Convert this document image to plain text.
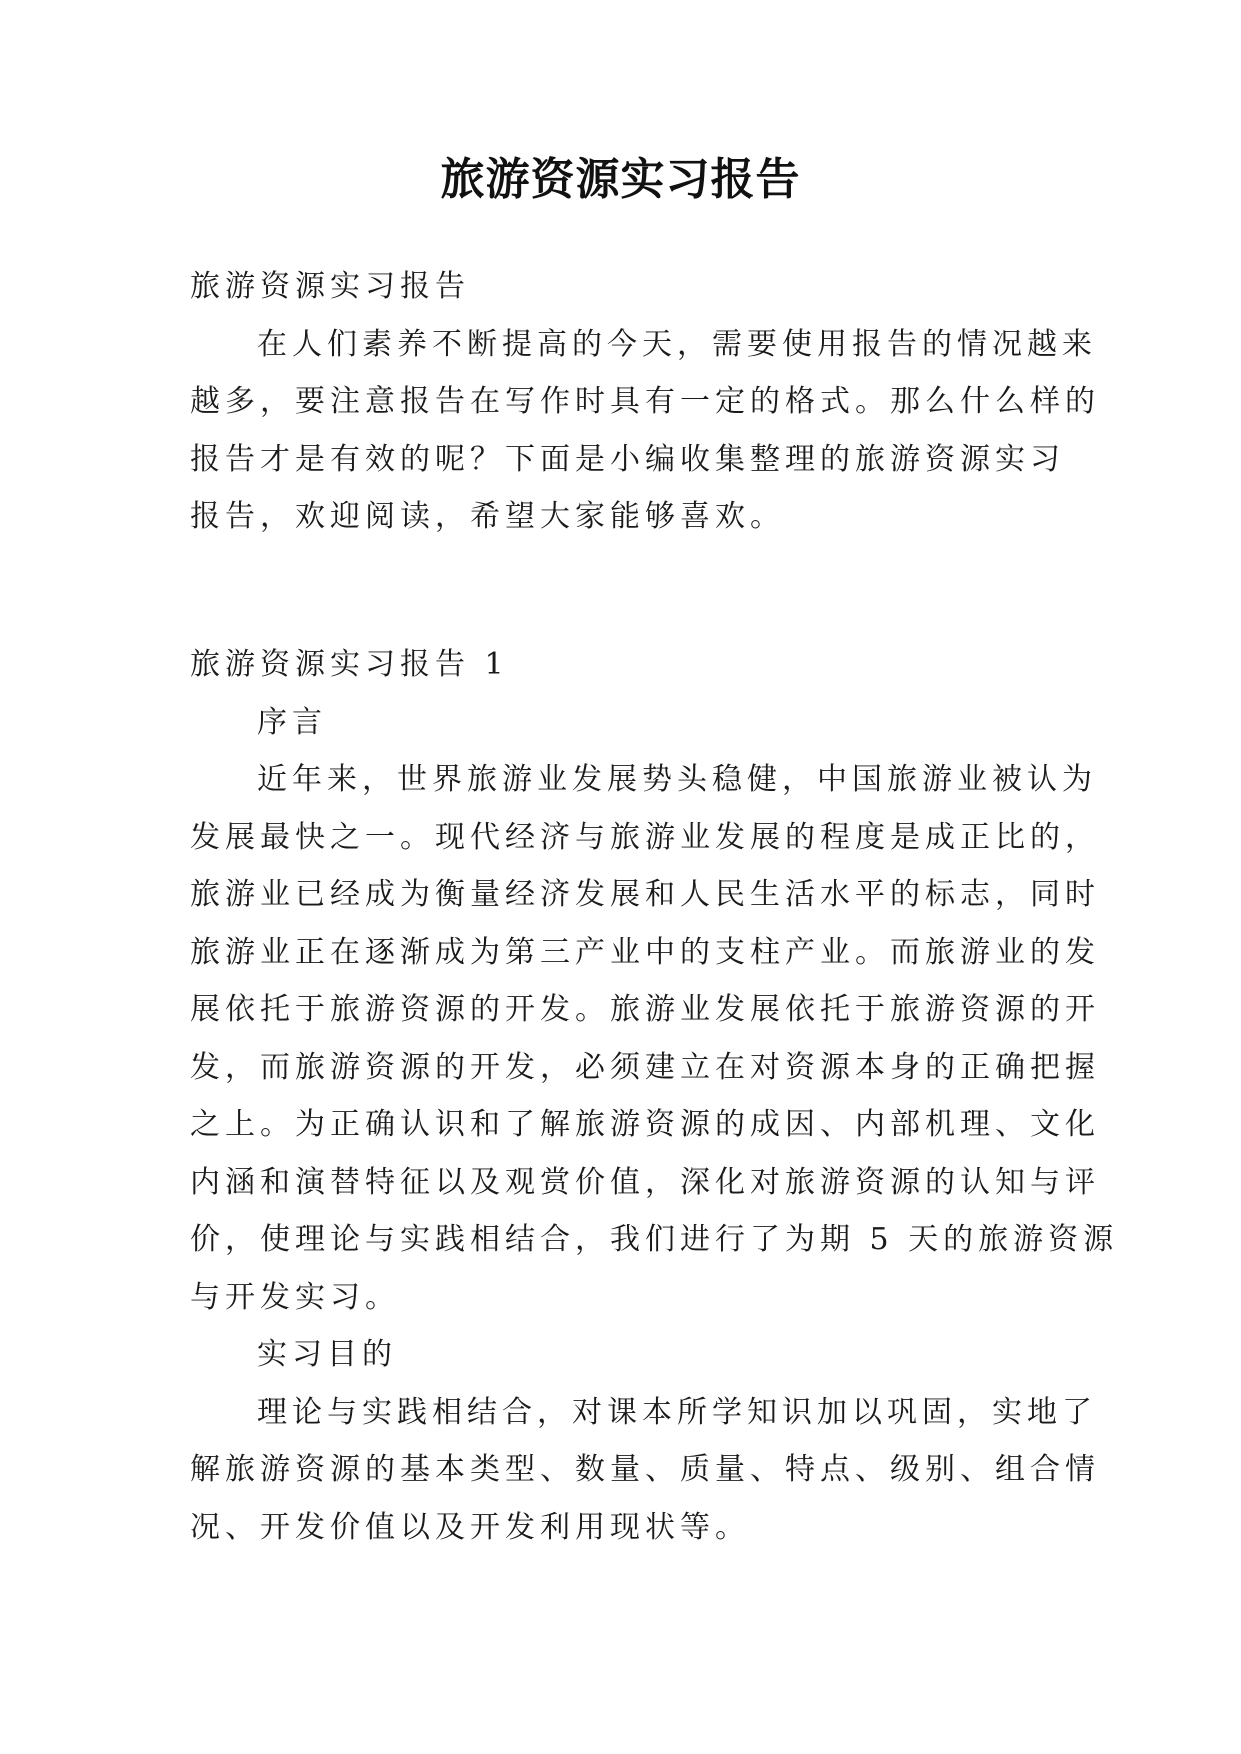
旅游资源实习报告
旅游资源实习报告
在人们素养不断提高的今天，需要使用报告的情况越来
越多，要注意报告在写作时具有一定的格式。那么什么样的
报告才是有效的呢？下面是小编收集整理的旅游资源实习
报告，欢迎阅读，希望大家能够喜欢。
旅游资源实习报告 1
序言
近年来，世界旅游业发展势头稳健，中国旅游业被认为
发展最快之一。现代经济与旅游业发展的程度是成正比的，
旅游业已经成为衡量经济发展和人民生活水平的标志，同时
旅游业正在逐渐成为第三产业中的支柱产业。而旅游业的发
展依托于旅游资源的开发。旅游业发展依托于旅游资源的开
发，而旅游资源的开发，必须建立在对资源本身的正确把握
之上。为正确认识和了解旅游资源的成因、内部机理、文化
内涵和演替特征以及观赏价值，深化对旅游资源的认知与评
价，使理论与实践相结合，我们进行了为期 5 天的旅游资源
与开发实习。
实习目的
理论与实践相结合，对课本所学知识加以巩固，实地了
解旅游资源的基本类型、数量、质量、特点、级别、组合情
况、开发价值以及开发利用现状等。
